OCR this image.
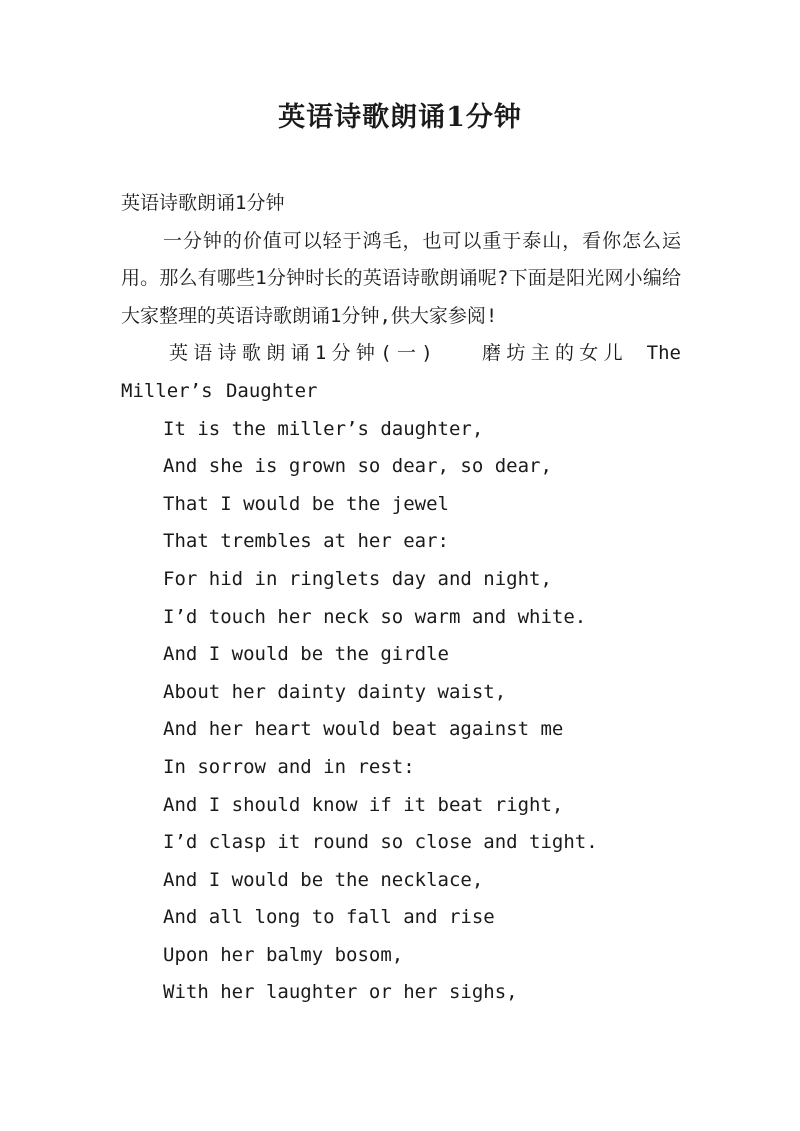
英语诗歌朗诵1分钟

英语诗歌朗诵1分钟

一分钟的价值可以轻于鸿毛，也可以重于泰山，看你怎么运用。那么有哪些1分钟时长的英语诗歌朗诵呢?下面是阳光网小编给大家整理的英语诗歌朗诵1分钟,供大家参阅!

英语诗歌朗诵1分钟(一) 磨坊主的女儿 The Miller’s Daughter

It is the miller’s daughter,
And she is grown so dear, so dear,
That I would be the jewel
That trembles at her ear:
For hid in ringlets day and night,
I’d touch her neck so warm and white.
And I would be the girdle
About her dainty dainty waist,
And her heart would beat against me
In sorrow and in rest:
And I should know if it beat right,
I’d clasp it round so close and tight.
And I would be the necklace,
And all long to fall and rise
Upon her balmy bosom,
With her laughter or her sighs,
